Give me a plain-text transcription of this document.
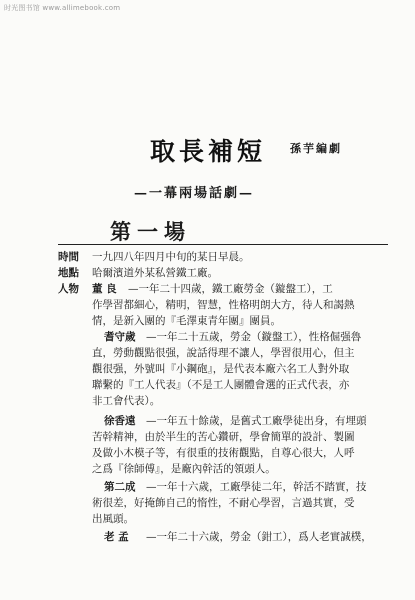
时光图书馆 www.allimebook.com
取長補短 孫芋編劇
—一幕兩場話劇—
第一場
時間 一九四八年四月中旬的某日早晨。
地點 哈爾濱道外某私營鐵工廠。
人物 董 良 —一年二十四歲，鐵工廠勞金（鏇盤工），工
作學習都細心，精明，智慧，性格明朗大方，待人和謁熱
情，是新入團的『毛澤東青年團』團員。
耆守歲 —一年二十五歲，勞金（鏇盤工），性格倔强魯
直，勞動觀點很强，說話得理不讓人，學習很用心，但主
觀很强，外號叫『小鋼砲』，是代表本廠六名工人對外取
聯繫的『工人代表』（不是工人團體會選的正式代表，亦
非工會代表）。
徐香遠 —一年五十餘歲，是舊式工廠學徒出身，有埋頭
苦幹精神，由於半生的苦心鑽研，學會簡單的設計、製圖
及做小木模子等，有很重的技術觀點，自尊心很大，人呼
之爲『徐師傅』，是廠內幹活的領頭人。
第二成 —一年十六歲，工廠學徒二年，幹活不踏實，技
術很差，好掩飾自己的惰性，不耐心學習，言過其實，受
出風頭。
老 孟 —一年二十六歲，勞金（鉗工），爲人老實誠樸，
